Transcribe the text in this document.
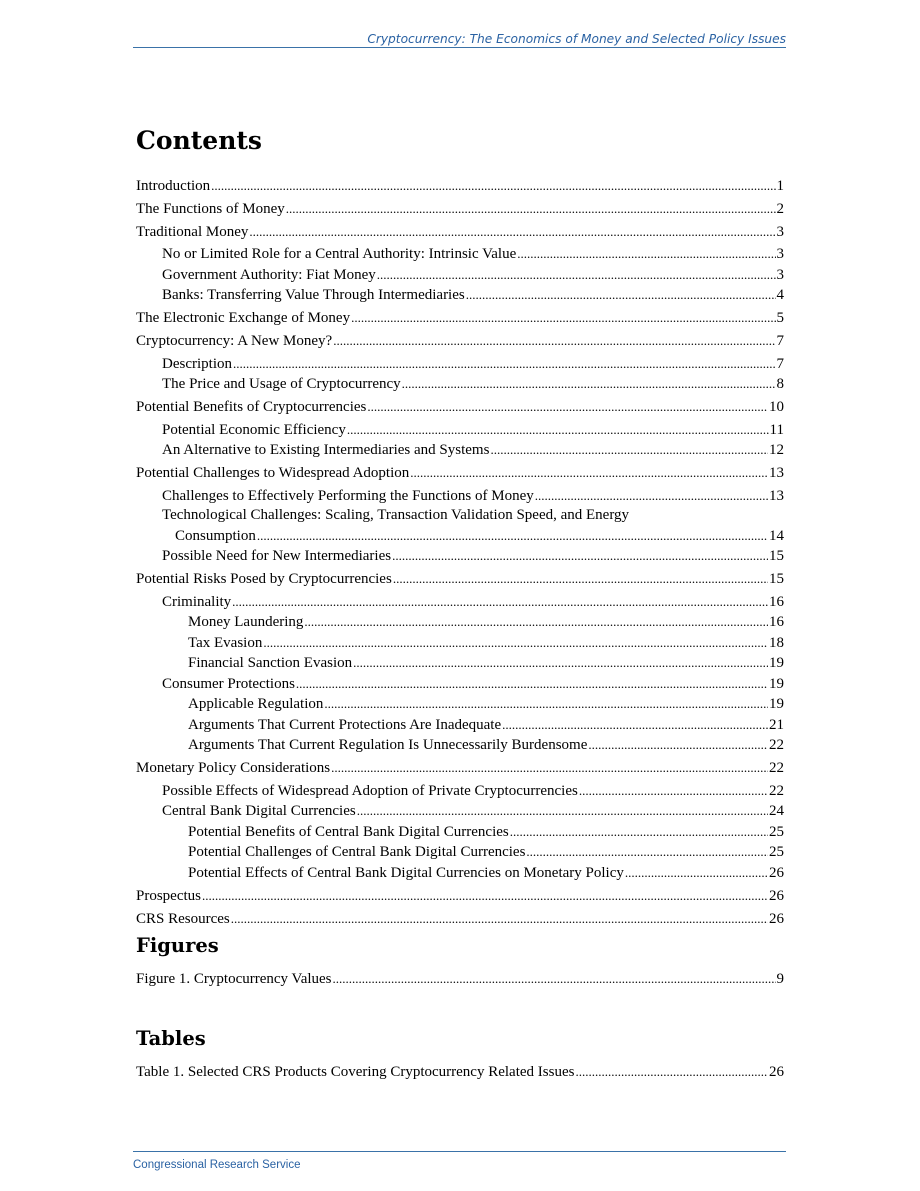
Cryptocurrency: The Economics of Money and Selected Policy Issues
Contents
Introduction .....	1
The Functions of Money .....	2
Traditional Money .....	3
No or Limited Role for a Central Authority: Intrinsic Value .....	3
Government Authority: Fiat Money .....	3
Banks: Transferring Value Through Intermediaries .....	4
The Electronic Exchange of Money .....	5
Cryptocurrency: A New Money? .....	7
Description .....	7
The Price and Usage of Cryptocurrency .....	8
Potential Benefits of Cryptocurrencies .....	10
Potential Economic Efficiency .....	11
An Alternative to Existing Intermediaries and Systems .....	12
Potential Challenges to Widespread Adoption .....	13
Challenges to Effectively Performing the Functions of Money .....	13
Technological Challenges: Scaling, Transaction Validation Speed, and Energy
Consumption .....	14
Possible Need for New Intermediaries .....	15
Potential Risks Posed by Cryptocurrencies .....	15
Criminality .....	16
Money Laundering .....	16
Tax Evasion .....	18
Financial Sanction Evasion .....	19
Consumer Protections .....	19
Applicable Regulation .....	19
Arguments That Current Protections Are Inadequate .....	21
Arguments That Current Regulation Is Unnecessarily Burdensome .....	22
Monetary Policy Considerations .....	22
Possible Effects of Widespread Adoption of Private Cryptocurrencies .....	22
Central Bank Digital Currencies .....	24
Potential Benefits of Central Bank Digital Currencies .....	25
Potential Challenges of Central Bank Digital Currencies .....	25
Potential Effects of Central Bank Digital Currencies on Monetary Policy .....	26
Prospectus .....	26
CRS Resources .....	26
Figures
Figure 1. Cryptocurrency Values .....	9
Tables
Table 1. Selected CRS Products Covering Cryptocurrency Related Issues .....	26
Congressional Research Service
